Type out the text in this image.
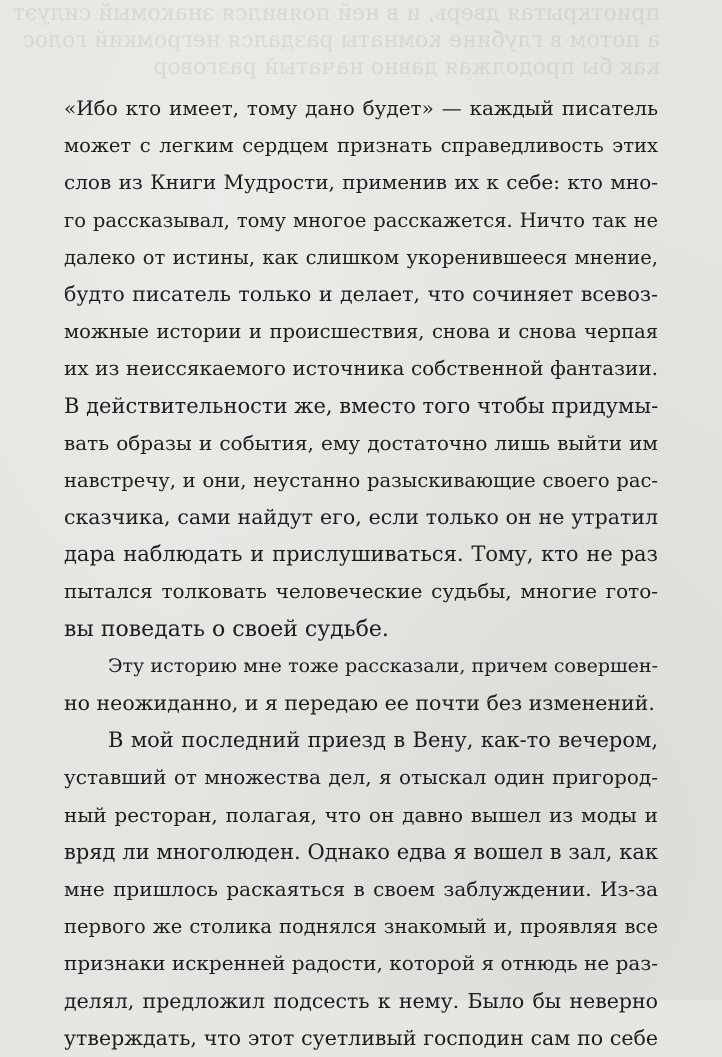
приоткрытая дверь, и в ней появился знакомый силуэт
а потом в глубине комнаты раздался негромкий голос
как бы продолжая давно начатый разговор
«Ибо кто имеет, тому дано будет» — каждый писатель
может с легким сердцем признать справедливость этих
слов из Книги Мудрости, применив их к себе: кто мно-
го рассказывал, тому многое расскажется. Ничто так не
далеко от истины, как слишком укоренившееся мнение,
будто писатель только и делает, что сочиняет всевоз-
можные истории и происшествия, снова и снова черпая
их из неиссякаемого источника собственной фантазии.
В действительности же, вместо того чтобы придумы-
вать образы и события, ему достаточно лишь выйти им
навстречу, и они, неустанно разыскивающие своего рас-
сказчика, сами найдут его, если только он не утратил
дара наблюдать и прислушиваться. Тому, кто не раз
пытался толковать человеческие судьбы, многие гото-
вы поведать о своей судьбе.
Эту историю мне тоже рассказали, причем совершен-
но неожиданно, и я передаю ее почти без изменений.
В мой последний приезд в Вену, как-то вечером,
уставший от множества дел, я отыскал один пригород-
ный ресторан, полагая, что он давно вышел из моды и
вряд ли многолюден. Однако едва я вошел в зал, как
мне пришлось раскаяться в своем заблуждении. Из-за
первого же столика поднялся знакомый и, проявляя все
признаки искренней радости, которой я отнюдь не раз-
делял, предложил подсесть к нему. Было бы неверно
утверждать, что этот суетливый господин сам по себе
